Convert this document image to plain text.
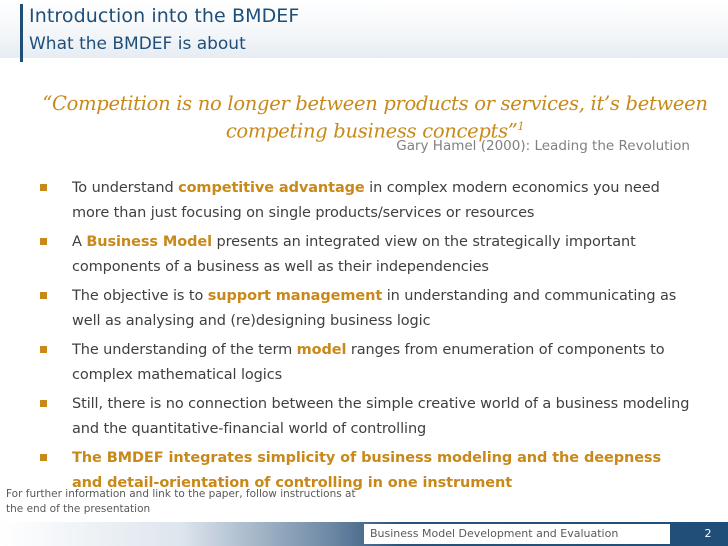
Introduction into the BMDEF
What the BMDEF is about
“Competition is no longer between products or services, it’s between competing business concepts”$^1$
Gary Hamel (2000): Leading the Revolution
To understand competitive advantage in complex modern economics you need more than just focusing on single products/services or resources
A Business Model presents an integrated view on the strategically important components of a business as well as their independencies
The objective is to support management in understanding and communicating as well as analysing and (re)designing business logic
The understanding of the term model ranges from enumeration of components to complex mathematical logics
Still, there is no connection between the simple creative world of a business modeling and the quantitative-financial world of controlling
The BMDEF integrates simplicity of business modeling and the deepness and detail-orientation of controlling in one instrument
For further information and link to the paper, follow instructions at the end of the presentation
Business Model Development and Evaluation	2
